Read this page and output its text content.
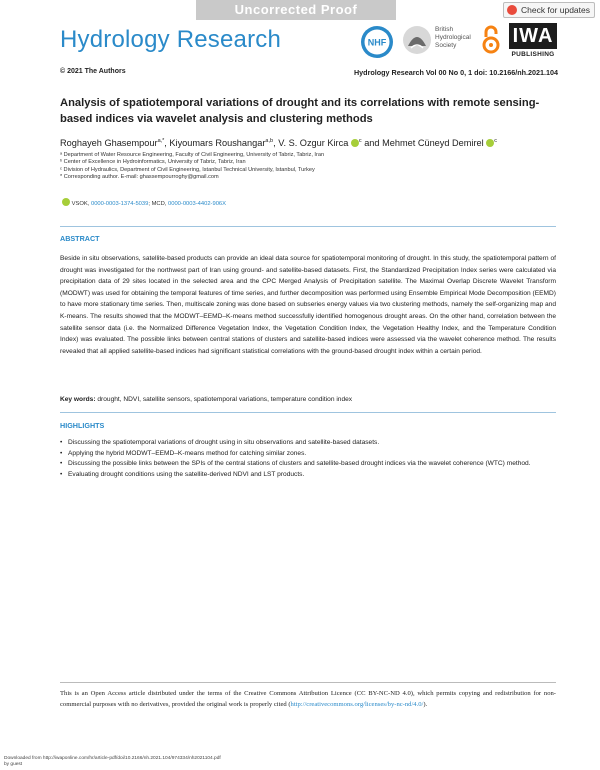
Uncorrected Proof	Check for updates
Hydrology Research	NHF
British
Hydrological
Society	IWA
PUBLISHING
© 2021 The Authors	Hydrology Research Vol 00 No 0, 1 doi: 10.2166/nh.2021.104
Analysis of spatiotemporal variations of drought and its correlations with remote sensing-based indices via wavelet analysis and clustering methods
Roghayeh Ghasempour$^{a,*}$, Kiyoumars Roushangar$^{a,b}$, V. S. Ozgur Kirca $^c$ and Mehmet Cüneyd Demirel $^c$
ᵃ Department of Water Resource Engineering, Faculty of Civil Engineering, University of Tabriz, Tabriz, Iran
ᵇ Center of Excellence in Hydroinformatics, University of Tabriz, Tabriz, Iran
ᶜ Division of Hydraulics, Department of Civil Engineering, Istanbul Technical University, Istanbul, Turkey
* Corresponding author. E-mail: ghassempourroghy@gmail.com
VSOK, 0000-0003-1374-5039; MCD, 0000-0003-4402-906X
ABSTRACT
Beside in situ observations, satellite-based products can provide an ideal data source for spatiotemporal monitoring of drought. In this study, the spatiotemporal pattern of drought was investigated for the northwest part of Iran using ground- and satellite-based datasets. First, the Standardized Precipitation Index series were calculated via precipitation data of 29 sites located in the selected area and the CPC Merged Analysis of Precipitation satellite. The Maximal Overlap Discrete Wavelet Transform (MODWT) was used for obtaining the temporal features of time series, and further decomposition was performed using Ensemble Empirical Mode Decomposition (EEMD) to have more stationary time series. Then, multiscale zoning was done based on subseries energy values via two clustering methods, namely the self-organizing map and K-means. The results showed that the MODWT–EEMD–K-means method successfully identified homogenous drought areas. On the other hand, correlation between the satellite sensor data (i.e. the Normalized Difference Vegetation Index, the Vegetation Condition Index, the Vegetation Healthy Index, and the Temperature Condition Index) was evaluated. The possible links between central stations of clusters and satellite-based indices were assessed via the wavelet coherence method. The results revealed that all applied satellite-based indices had significant statistical correlations with the ground-based drought index within a certain period.
Key words: drought, NDVI, satellite sensors, spatiotemporal variations, temperature condition index
HIGHLIGHTS
• Discussing the spatiotemporal variations of drought using in situ observations and satellite-based datasets.
• Applying the hybrid MODWT–EEMD–K-means method for catching similar zones.
• Discussing the possible links between the SPIs of the central stations of clusters and satellite-based drought indices via the wavelet coherence (WTC) method.
• Evaluating drought conditions using the satellite-derived NDVI and LST products.
This is an Open Access article distributed under the terms of the Creative Commons Attribution Licence (CC BY-NC-ND 4.0), which permits copying and redistribution for non-commercial purposes with no derivatives, provided the original work is properly cited (http://creativecommons.org/licenses/by-nc-nd/4.0/).
Downloaded from http://iwaponline.com/hr/article-pdf/doi/10.2166/nh.2021.104/974334/nh2021104.pdf
by guest
